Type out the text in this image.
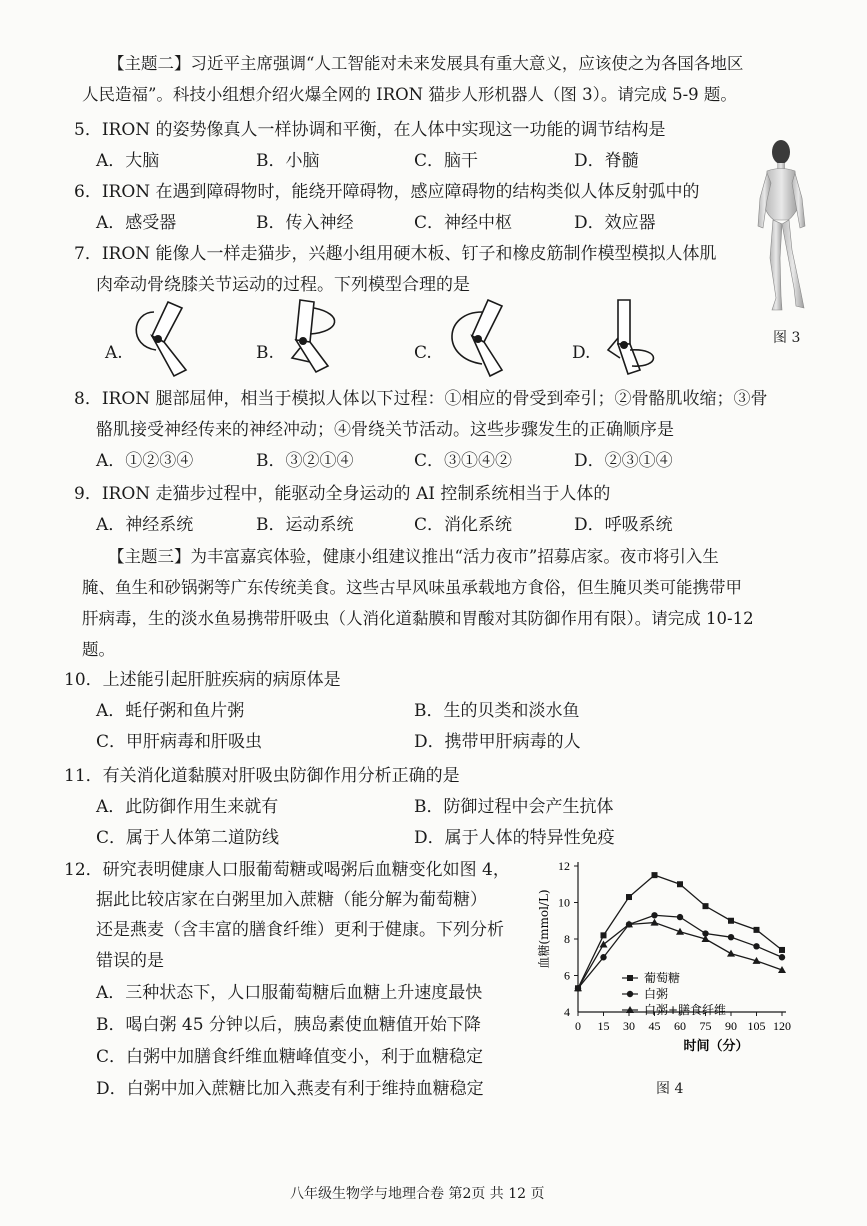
【主题二】习近平主席强调“人工智能对未来发展具有重大意义，应该使之为各国各地区
人民造福”。科技小组想介绍火爆全网的 IRON 猫步人形机器人（图 3）。请完成 5-9 题。
5．IRON 的姿势像真人一样协调和平衡，在人体中实现这一功能的调节结构是
A．大脑	B．小脑	C．脑干	D．脊髓
6．IRON 在遇到障碍物时，能绕开障碍物，感应障碍物的结构类似人体反射弧中的
A．感受器	B．传入神经	C．神经中枢	D．效应器
7．IRON 能像人一样走猫步，兴趣小组用硬木板、钉子和橡皮筋制作模型模拟人体肌
肉牵动骨绕膝关节运动的过程。下列模型合理的是
A.	B.	C.	D.
图 3
8．IRON 腿部屈伸，相当于模拟人体以下过程：①相应的骨受到牵引；②骨骼肌收缩；③骨
骼肌接受神经传来的神经冲动；④骨绕关节活动。这些步骤发生的正确顺序是
A．①②③④	B．③②①④	C．③①④②	D．②③①④
9．IRON 走猫步过程中，能驱动全身运动的 AI 控制系统相当于人体的
A．神经系统	B．运动系统	C．消化系统	D．呼吸系统
【主题三】为丰富嘉宾体验，健康小组建议推出“活力夜市”招募店家。夜市将引入生
腌、鱼生和砂锅粥等广东传统美食。这些古早风味虽承载地方食俗，但生腌贝类可能携带甲
肝病毒，生的淡水鱼易携带肝吸虫（人消化道黏膜和胃酸对其防御作用有限）。请完成 10-12
题。
10．上述能引起肝脏疾病的病原体是
A．蚝仔粥和鱼片粥	B．生的贝类和淡水鱼
C．甲肝病毒和肝吸虫	D．携带甲肝病毒的人
11．有关消化道黏膜对肝吸虫防御作用分析正确的是
A．此防御作用生来就有	B．防御过程中会产生抗体
C．属于人体第二道防线	D．属于人体的特异性免疫
12．研究表明健康人口服葡萄糖或喝粥后血糖变化如图 4，
据此比较店家在白粥里加入蔗糖（能分解为葡萄糖）
还是燕麦（含丰富的膳食纤维）更利于健康。下列分析
错误的是
A．三种状态下，人口服葡萄糖后血糖上升速度最快
B．喝白粥 45 分钟以后，胰岛素使血糖值开始下降
C．白粥中加膳食纤维血糖峰值变小，利于血糖稳定
D．白粥中加入蔗糖比加入燕麦有利于维持血糖稳定
4
6
8
10
12
0 15 30 45 60 75 90 105 120
时间（分）
血糖(mmol/L)
葡萄糖
白粥
白粥+膳食纤维
图 4
八年级生物学与地理合卷 第2页 共 12 页
